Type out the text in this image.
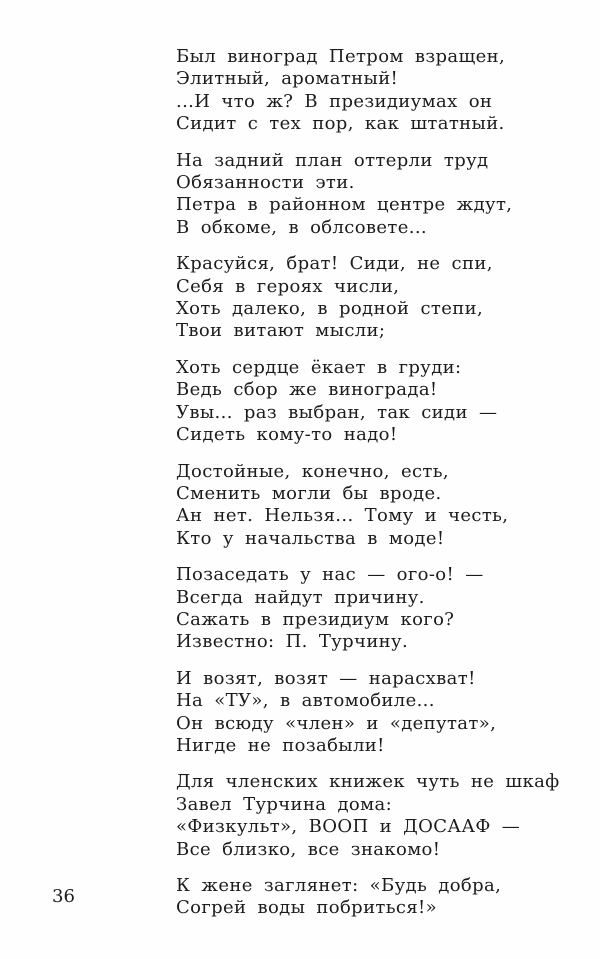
Был виноград Петром взращен,
Элитный, ароматный!
...И что ж? В президиумах он
Сидит с тех пор, как штатный.
На задний план оттерли труд
Обязанности эти.
Петра в районном центре ждут,
В обкоме, в облсовете...
Красуйся, брат! Сиди, не спи,
Себя в героях числи,
Хоть далеко, в родной степи,
Твои витают мысли;
Хоть сердце ёкает в груди:
Ведь сбор же винограда!
Увы... раз выбран, так сиди —
Сидеть кому-то надо!
Достойные, конечно, есть,
Сменить могли бы вроде.
Ан нет. Нельзя... Тому и честь,
Кто у начальства в моде!
Позаседать у нас — ого-о! —
Всегда найдут причину.
Сажать в президиум кого?
Известно: П. Турчину.
И возят, возят — нарасхват!
На «ТУ», в автомобиле...
Он всюду «член» и «депутат»,
Нигде не позабыли!
Для членских книжек чуть не шкаф
Завел Турчина дома:
«Физкульт», ВООП и ДОСААФ —
Все близко, все знакомо!
К жене заглянет: «Будь добра,
Согрей воды побриться!»
36
